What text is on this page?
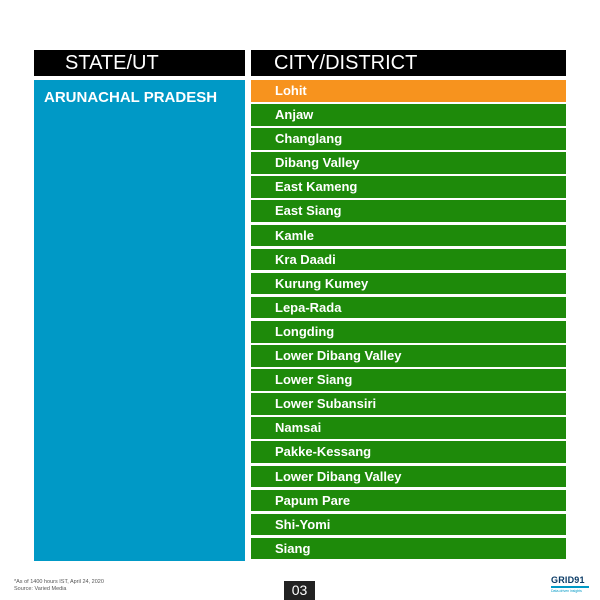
STATE/UT	CITY/DISTRICT
ARUNACHAL PRADESH	Lohit
Anjaw
Changlang
Dibang Valley
East Kameng
East Siang
Kamle
Kra Daadi
Kurung Kumey
Lepa-Rada
Longding
Lower Dibang Valley
Lower Siang
Lower Subansiri
Namsai
Pakke-Kessang
Lower Dibang Valley
Papum Pare
Shi-Yomi
Siang
*As of 1400 hours IST, April 24, 2020
Source: Varied Media	03
GRID91
Data-driven insights
